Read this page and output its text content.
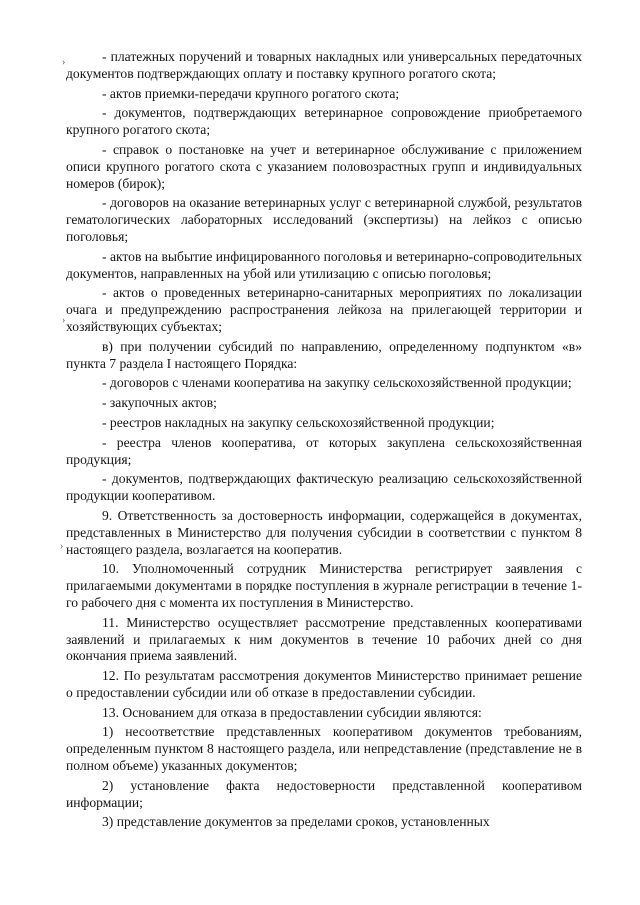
›
›
›

- платежных поручений и товарных накладных или универсальных передаточных документов подтверждающих оплату и поставку крупного рогатого скота;

- актов приемки-передачи крупного рогатого скота;

- документов, подтверждающих ветеринарное сопровождение приобретаемого крупного рогатого скота;

- справок о постановке на учет и ветеринарное обслуживание с приложением описи крупного рогатого скота с указанием половозрастных групп и индивидуальных номеров (бирок);

- договоров на оказание ветеринарных услуг с ветеринарной службой, результатов гематологических лабораторных исследований (экспертизы) на лейкоз с описью поголовья;

- актов на выбытие инфицированного поголовья и ветеринарно-сопроводительных документов, направленных на убой или утилизацию с описью поголовья;

- актов о проведенных ветеринарно-санитарных мероприятиях по локализации очага и предупреждению распространения лейкоза на прилегающей территории и хозяйствующих субъектах;

в) при получении субсидий по направлению, определенному подпунктом «в» пункта 7 раздела I настоящего Порядка:

- договоров с членами кооператива на закупку сельскохозяйственной продукции;

- закупочных актов;

- реестров накладных на закупку сельскохозяйственной продукции;

- реестра членов кооператива, от которых закуплена сельскохозяйственная продукция;

- документов, подтверждающих фактическую реализацию сельскохозяйственной продукции кооперативом.

9. Ответственность за достоверность информации, содержащейся в документах, представленных в Министерство для получения субсидии в соответствии с пунктом 8 настоящего раздела, возлагается на кооператив.

10. Уполномоченный сотрудник Министерства регистрирует заявления с прилагаемыми документами в порядке поступления в журнале регистрации в течение 1-го рабочего дня с момента их поступления в Министерство.

11. Министерство осуществляет рассмотрение представленных кооперативами заявлений и прилагаемых к ним документов в течение 10 рабочих дней со дня окончания приема заявлений.

12. По результатам рассмотрения документов Министерство принимает решение о предоставлении субсидии или об отказе в предоставлении субсидии.

13. Основанием для отказа в предоставлении субсидии являются:

1) несоответствие представленных кооперативом документов требованиям, определенным пунктом 8 настоящего раздела, или непредставление (представление не в полном объеме) указанных документов;

2) установление факта недостоверности представленной кооперативом информации;

3) представление документов за пределами сроков, установленных
